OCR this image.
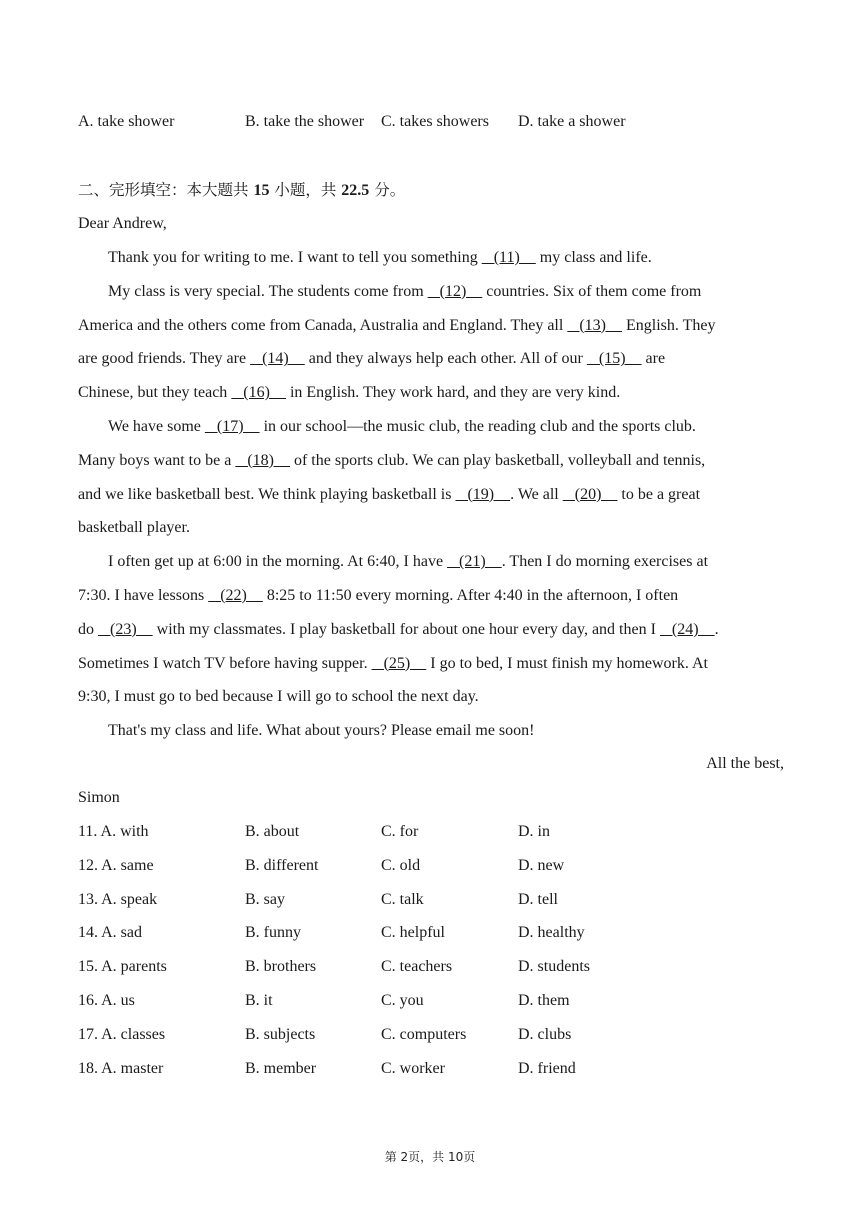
A. take shower	B. take the shower C. takes showers D. take a shower
二、完形填空：本大题共 15 小题，共 22.5 分。
Dear Andrew,
Thank you for writing to me. I want to tell you something    (11)     my class and life.
My class is very special. The students come from    (12)     countries. Six of them come from
America and the others come from Canada, Australia and England. They all    (13)     English. They
are good friends. They are    (14)     and they always help each other. All of our    (15)     are
Chinese, but they teach    (16)     in English. They work hard, and they are very kind.
We have some    (17)     in our school—the music club, the reading club and the sports club.
Many boys want to be a    (18)     of the sports club. We can play basketball, volleyball and tennis,
and we like basketball best. We think playing basketball is    (19)    . We all    (20)     to be a great
basketball player.
I often get up at 6:00 in the morning. At 6:40, I have    (21)    . Then I do morning exercises at
7:30. I have lessons    (22)     8:25 to 11:50 every morning. After 4:40 in the afternoon, I often
do    (23)     with my classmates. I play basketball for about one hour every day, and then I    (24)    .
Sometimes I watch TV before having supper.    (25)     I go to bed, I must finish my homework. At
9:30, I must go to bed because I will go to school the next day.
That's my class and life. What about yours? Please email me soon!
All the best,
Simon
11. A. with	B. about	C. for	D. in
12. A. same	B. different	C. old	D. new
13. A. speak	B. say	C. talk	D. tell
14. A. sad	B. funny	C. helpful	D. healthy
15. A. parents	B. brothers	C. teachers	D. students
16. A. us	B. it	C. you	D. them
17. A. classes	B. subjects	C. computers	D. clubs
18. A. master	B. member	C. worker	D. friend
第 2页，共 10页
